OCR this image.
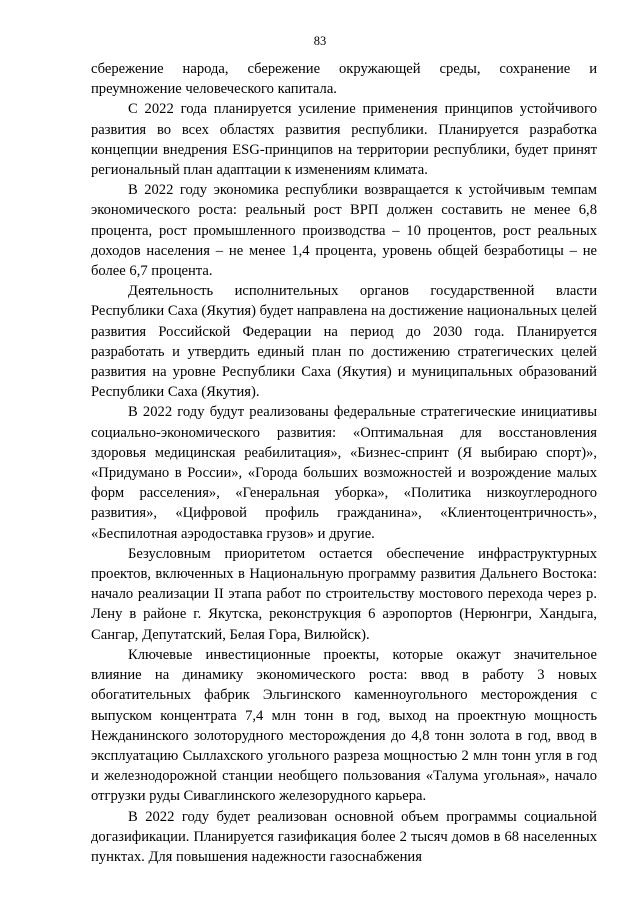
83

сбережение народа, сбережение окружающей среды, сохранение и преумножение человеческого капитала.

С 2022 года планируется усиление применения принципов устойчивого развития во всех областях развития республики. Планируется разработка концепции внедрения ESG-принципов на территории республики, будет принят региональный план адаптации к изменениям климата.

В 2022 году экономика республики возвращается к устойчивым темпам экономического роста: реальный рост ВРП должен составить не менее 6,8 процента, рост промышленного производства – 10 процентов, рост реальных доходов населения – не менее 1,4 процента, уровень общей безработицы – не более 6,7 процента.

Деятельность исполнительных органов государственной власти Республики Саха (Якутия) будет направлена на достижение национальных целей развития Российской Федерации на период до 2030 года. Планируется разработать и утвердить единый план по достижению стратегических целей развития на уровне Республики Саха (Якутия) и муниципальных образований Республики Саха (Якутия).

В 2022 году будут реализованы федеральные стратегические инициативы социально-экономического развития: «Оптимальная для восстановления здоровья медицинская реабилитация», «Бизнес-спринт (Я выбираю спорт)», «Придумано в России», «Города больших возможностей и возрождение малых форм расселения», «Генеральная уборка», «Политика низкоуглеродного развития», «Цифровой профиль гражданина», «Клиентоцентричность», «Беспилотная аэродоставка грузов» и другие.

Безусловным приоритетом остается обеспечение инфраструктурных проектов, включенных в Национальную программу развития Дальнего Востока: начало реализации II этапа работ по строительству мостового перехода через р. Лену в районе г. Якутска, реконструкция 6 аэропортов (Нерюнгри, Хандыга, Сангар, Депутатский, Белая Гора, Вилюйск).

Ключевые инвестиционные проекты, которые окажут значительное влияние на динамику экономического роста: ввод в работу 3 новых обогатительных фабрик Эльгинского каменноугольного месторождения с выпуском концентрата 7,4 млн тонн в год, выход на проектную мощность Нежданинского золоторудного месторождения до 4,8 тонн золота в год, ввод в эксплуатацию Сыллахского угольного разреза мощностью 2 млн тонн угля в год и железнодорожной станции необщего пользования «Талума угольная», начало отгрузки руды Сиваглинского железорудного карьера.

В 2022 году будет реализован основной объем программы социальной догазификации. Планируется газификация более 2 тысяч домов в 68 населенных пунктах. Для повышения надежности газоснабжения
